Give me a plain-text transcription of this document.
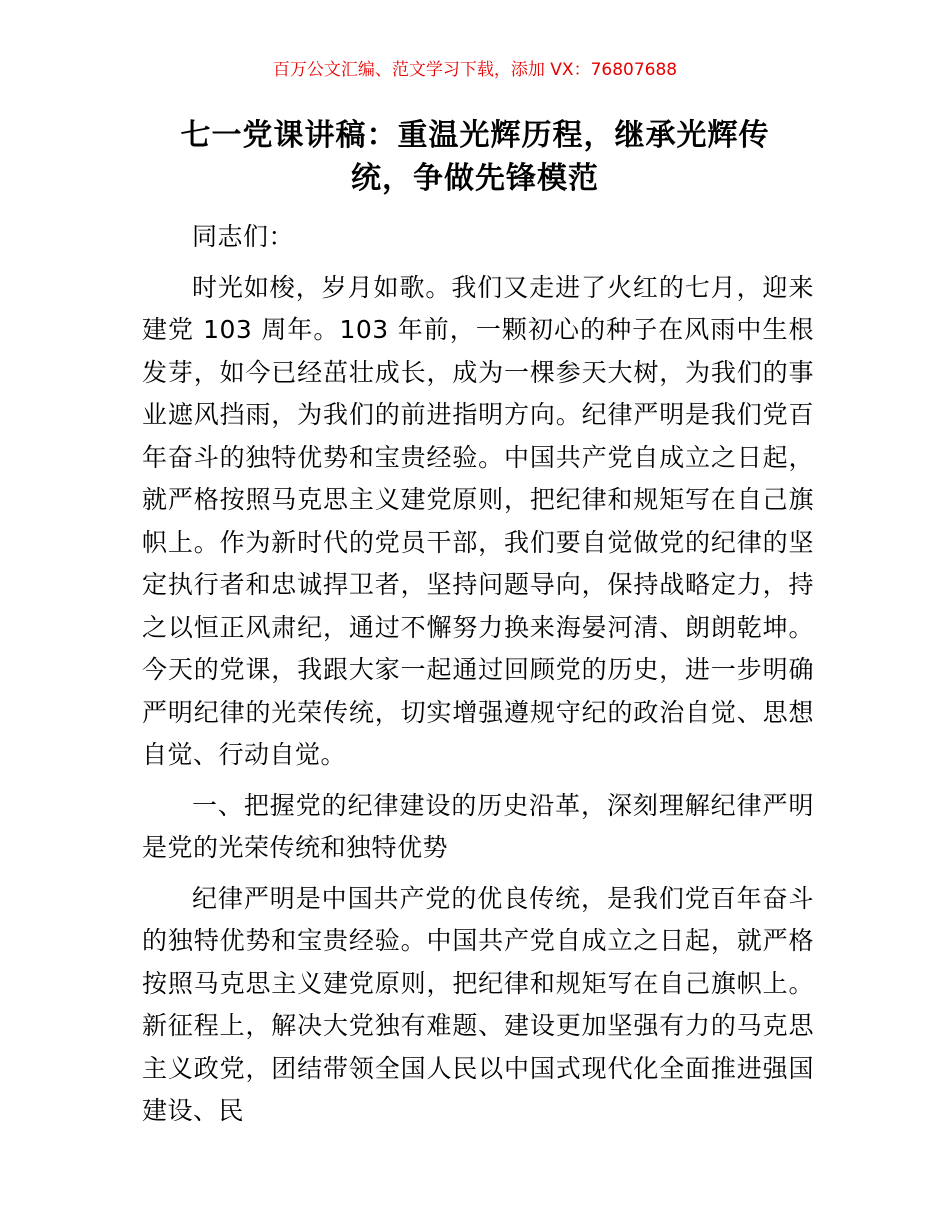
百万公文汇编、范文学习下载，添加 VX：76807688
七一党课讲稿：重温光辉历程，继承光辉传统，争做先锋模范

同志们：

时光如梭，岁月如歌。我们又走进了火红的七月，迎来建党 103 周年。103 年前，一颗初心的种子在风雨中生根发芽，如今已经茁壮成长，成为一棵参天大树，为我们的事业遮风挡雨，为我们的前进指明方向。纪律严明是我们党百年奋斗的独特优势和宝贵经验。中国共产党自成立之日起，就严格按照马克思主义建党原则，把纪律和规矩写在自己旗帜上。作为新时代的党员干部，我们要自觉做党的纪律的坚定执行者和忠诚捍卫者，坚持问题导向，保持战略定力，持之以恒正风肃纪，通过不懈努力换来海晏河清、朗朗乾坤。今天的党课，我跟大家一起通过回顾党的历史，进一步明确严明纪律的光荣传统，切实增强遵规守纪的政治自觉、思想自觉、行动自觉。

一、把握党的纪律建设的历史沿革，深刻理解纪律严明是党的光荣传统和独特优势

纪律严明是中国共产党的优良传统，是我们党百年奋斗的独特优势和宝贵经验。中国共产党自成立之日起，就严格按照马克思主义建党原则，把纪律和规矩写在自己旗帜上。新征程上，解决大党独有难题、建设更加坚强有力的马克思主义政党，团结带领全国人民以中国式现代化全面推进强国建设、民
